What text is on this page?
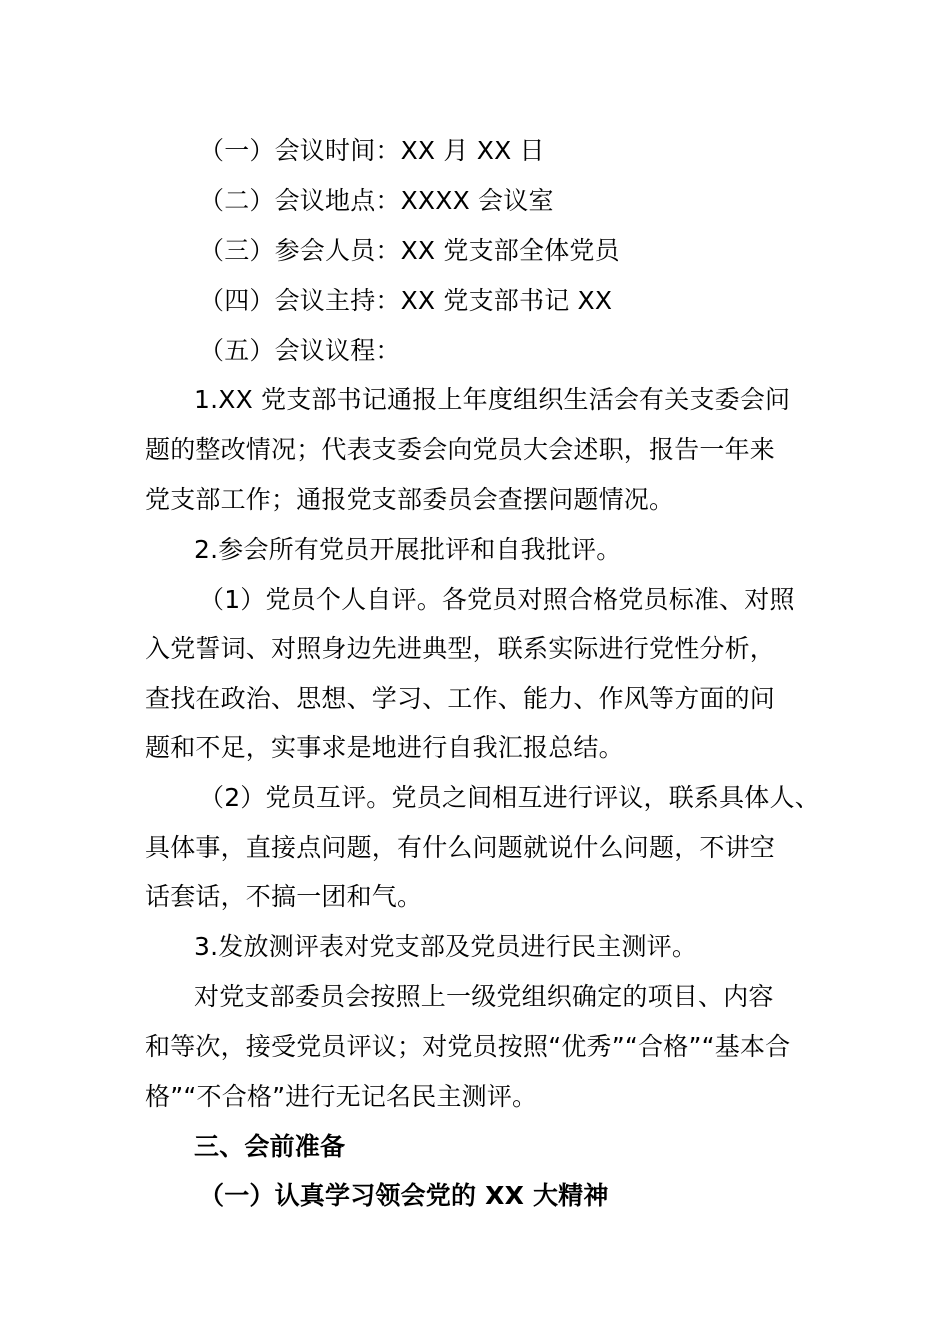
（一）会议时间：XX 月 XX 日
（二）会议地点：XXXX 会议室
（三）参会人员：XX 党支部全体党员
（四）会议主持：XX 党支部书记 XX
（五）会议议程：
1.XX 党支部书记通报上年度组织生活会有关支委会问
题的整改情况；代表支委会向党员大会述职，报告一年来
党支部工作；通报党支部委员会查摆问题情况。
2.参会所有党员开展批评和自我批评。
（1）党员个人自评。各党员对照合格党员标准、对照
入党誓词、对照身边先进典型，联系实际进行党性分析，
查找在政治、思想、学习、工作、能力、作风等方面的问
题和不足，实事求是地进行自我汇报总结。
（2）党员互评。党员之间相互进行评议，联系具体人、
具体事，直接点问题，有什么问题就说什么问题，不讲空
话套话，不搞一团和气。
3.发放测评表对党支部及党员进行民主测评。
对党支部委员会按照上一级党组织确定的项目、内容
和等次，接受党员评议；对党员按照“优秀”“合格”“基本合
格”“不合格”进行无记名民主测评。
三、会前准备
（一）认真学习领会党的 XX 大精神
